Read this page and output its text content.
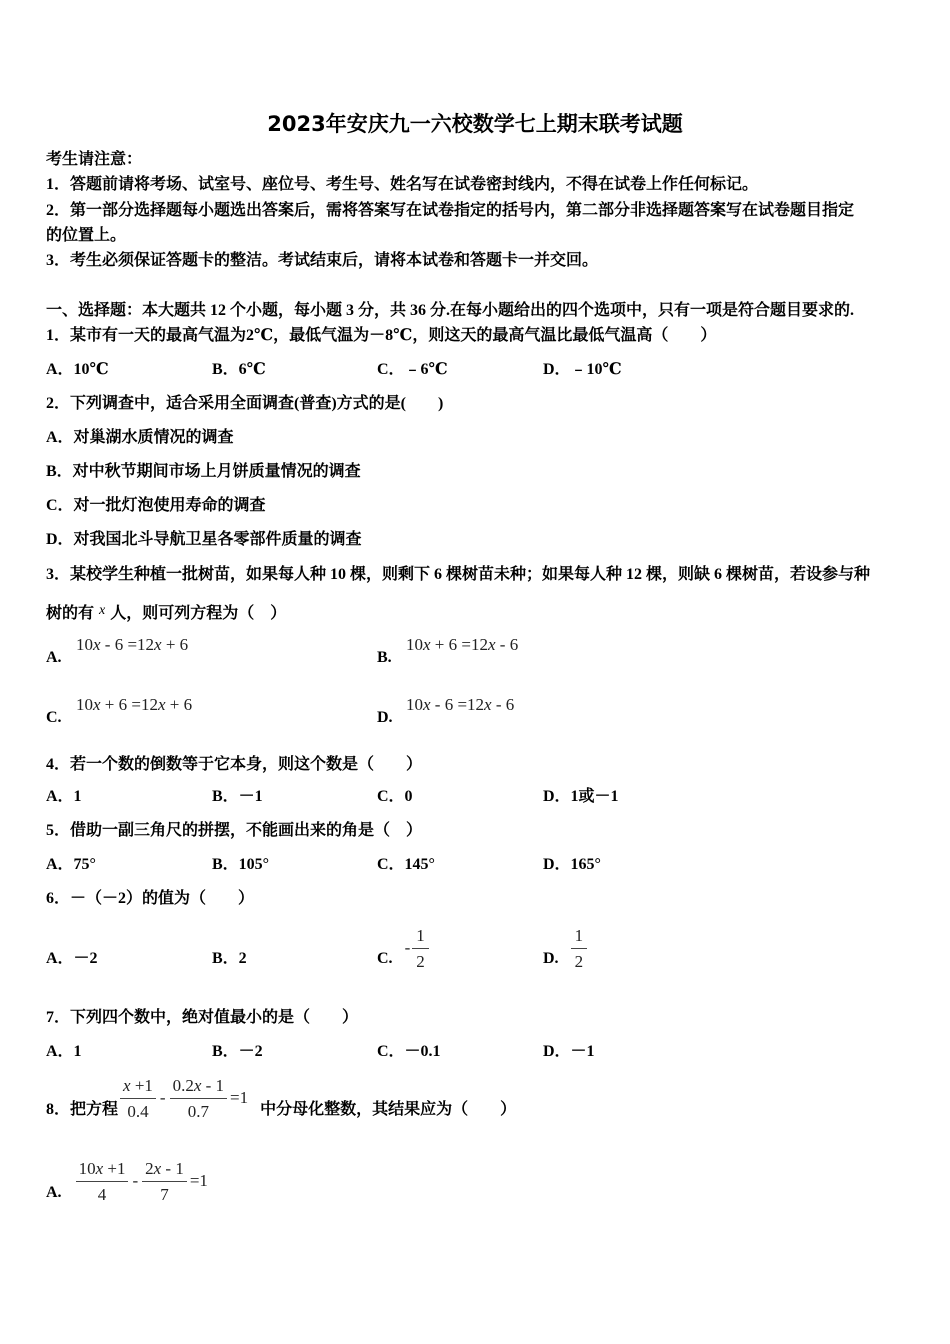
2023年安庆九一六校数学七上期末联考试题
考生请注意：
1．答题前请将考场、试室号、座位号、考生号、姓名写在试卷密封线内，不得在试卷上作任何标记。
2．第一部分选择题每小题选出答案后，需将答案写在试卷指定的括号内，第二部分非选择题答案写在试卷题目指定
的位置上。
3．考生必须保证答题卡的整洁。考试结束后，请将本试卷和答题卡一并交回。
一、选择题：本大题共 12 个小题，每小题 3 分，共 36 分.在每小题给出的四个选项中，只有一项是符合题目要求的.
1．某市有一天的最高气温为2℃，最低气温为－8℃，则这天的最高气温比最低气温高（　　）
A．10℃	B．6℃	C．﹣6℃	D．﹣10℃
2．下列调查中，适合采用全面调查(普查)方式的是(　　)
A．对巢湖水质情况的调查
B．对中秋节期间市场上月饼质量情况的调查
C．对一批灯泡使用寿命的调查
D．对我国北斗导航卫星各零部件质量的调查
3．某校学生种植一批树苗，如果每人种 10 棵，则剩下 6 棵树苗未种；如果每人种 12 棵，则缺 6 棵树苗，若设参与种
树的有 x 人，则可列方程为（　）
A.
10x - 6 =12x + 6
B.
10x + 6 =12x - 6
C.
10x + 6 =12x + 6
D.
10x - 6 =12x - 6
4．若一个数的倒数等于它本身，则这个数是（　　）
A．1	B．－1	C．0	D．1或－1
5．借助一副三角尺的拼摆，不能画出来的角是（　）
A．75°	B．105°	C．145°	D．165°
6．－（－2）的值为（　　）
A．－2	B．2	C.
- $\frac{1}{2}$	D. $\frac{1}{2}$
7．下列四个数中，绝对值最小的是（　　）
A．1	B．－2	C．－0.1	D．－1
8．把方程 $\frac{x +1}{0.4} - \frac{0.2x - 1}{0.7} =1$
中分母化整数，其结果应为（　　）
A. $\frac{10x +1}{4} - \frac{2x - 1}{7} =1$
